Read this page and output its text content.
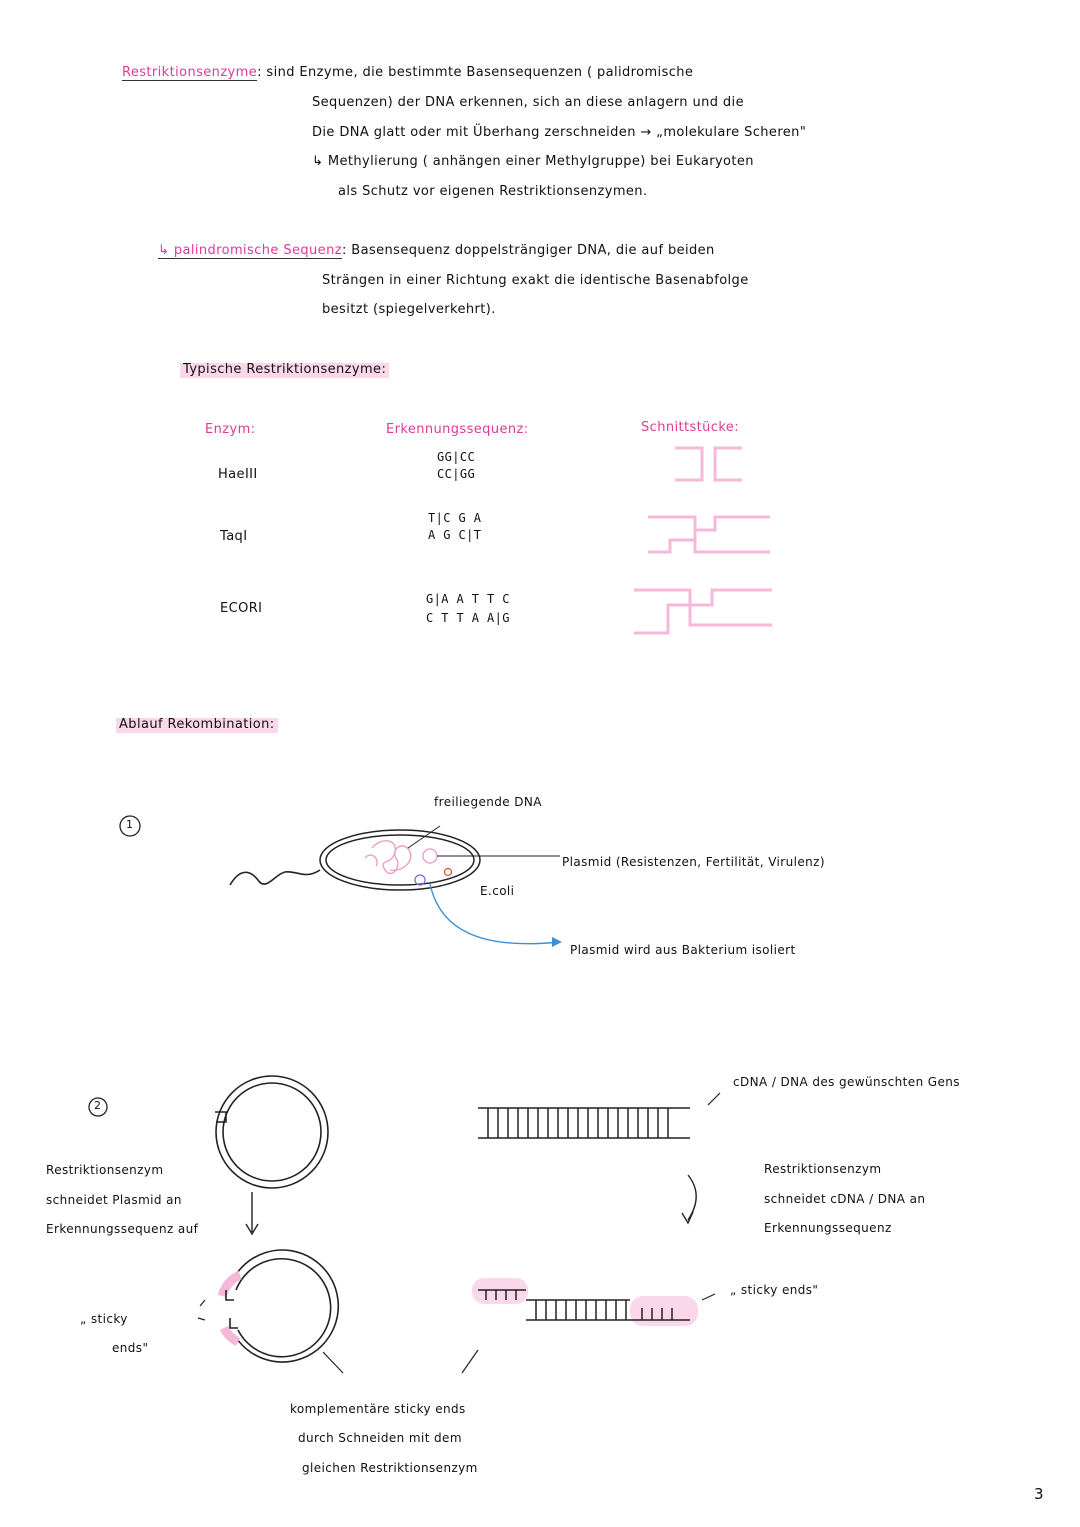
Restriktionsenzyme: sind Enzyme, die bestimmte Basensequenzen ( palidromische
Sequenzen) der DNA erkennen, sich an diese anlagern und die
Die DNA glatt oder mit Überhang zerschneiden → „molekulare Scheren"
↳ Methylierung ( anhängen einer Methylgruppe) bei Eukaryoten
als Schutz vor eigenen Restriktionsenzymen.
↳ palindromische Sequenz: Basensequenz doppelsträngiger DNA, die auf beiden
Strängen in einer Richtung exakt die identische Basenabfolge
besitzt (spiegelverkehrt).
Typische Restriktionsenzyme:
Enzym:	Erkennungssequenz:	Schnittstücke:
HaeIII
GG|CC
CC|GG
TaqI
T|C G A
A G C|T
ECORI
G|A A T T C
C T T A A|G
Ablauf Rekombination:
1
freiliegende DNA
Plasmid (Resistenzen, Fertilität, Virulenz)
E.coli
Plasmid wird aus Bakterium isoliert
2
cDNA / DNA des gewünschten Gens
Restriktionsenzym
schneidet Plasmid an
Erkennungssequenz auf
Restriktionsenzym
schneidet cDNA / DNA an
Erkennungssequenz
„ sticky
ends"
„ sticky ends"
komplementäre sticky ends
durch Schneiden mit dem
gleichen Restriktionsenzym
3
